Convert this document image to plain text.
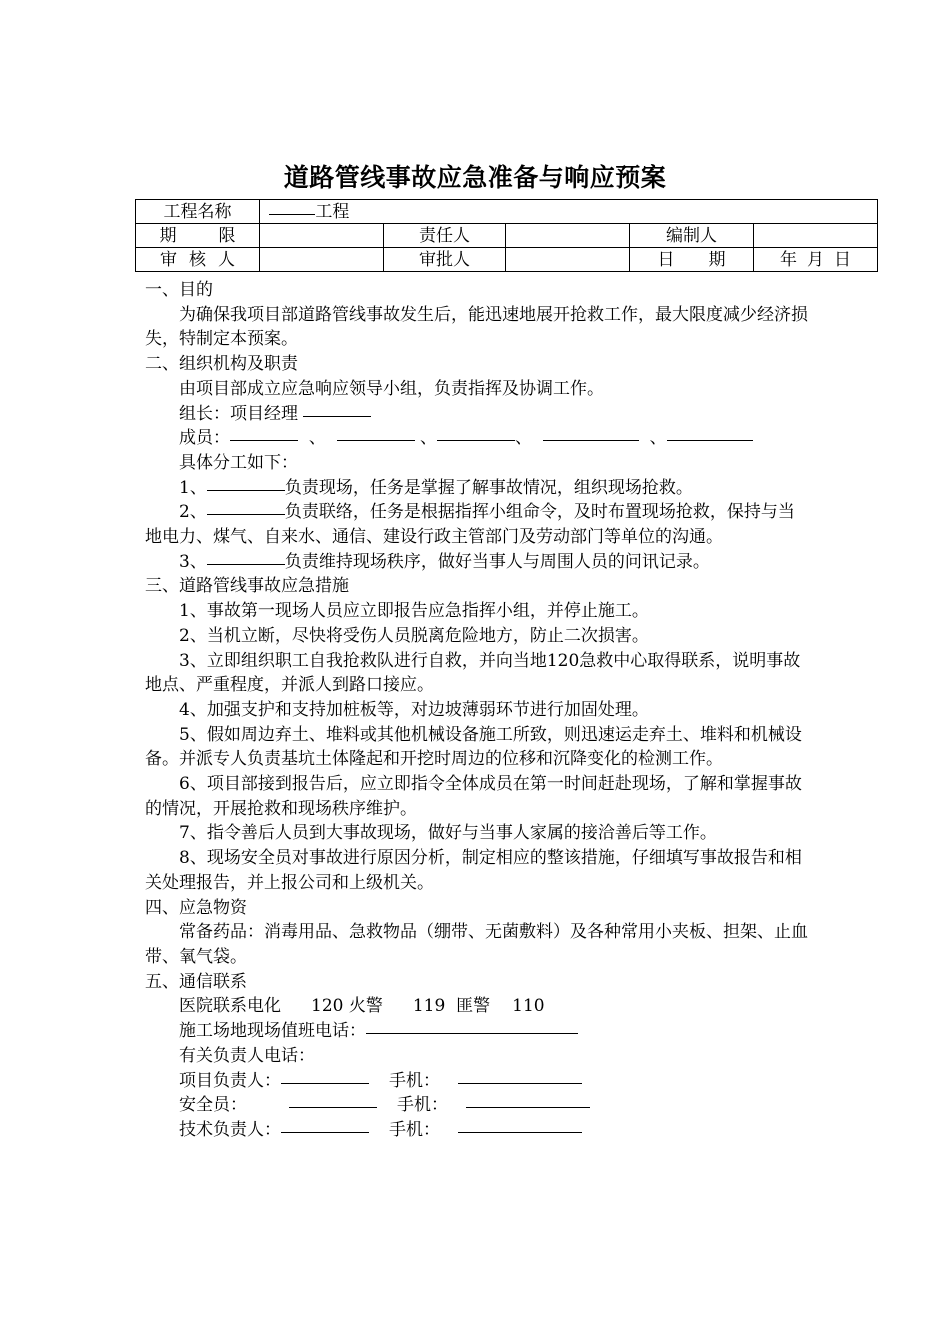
道路管线事故应急准备与响应预案
工程名称	工程				
期 限		责任人		编制人	
审 核 人		审批人		日 期	年 月 日

一、目的

为确保我项目部道路管线事故发生后，能迅速地展开抢救工作，最大限度减少经济损失，特制定本预案。

二、组织机构及职责

由项目部成立应急响应领导小组，负责指挥及协调工作。

组长：项目经理

成员：	、	、	、	、

具体分工如下：

1、	负责现场，任务是掌握了解事故情况，组织现场抢救。

2、	负责联络，任务是根据指挥小组命令，及时布置现场抢救，保持与当地电力、煤气、自来水、通信、建设行政主管部门及劳动部门等单位的沟通。

3、	负责维持现场秩序，做好当事人与周围人员的问讯记录。

三、道路管线事故应急措施

1、事故第一现场人员应立即报告应急指挥小组，并停止施工。

2、当机立断，尽快将受伤人员脱离危险地方，防止二次损害。

3、立即组织职工自我抢救队进行自救，并向当地120急救中心取得联系，说明事故地点、严重程度，并派人到路口接应。

4、加强支护和支持加桩板等，对边坡薄弱环节进行加固处理。

5、假如周边弃土、堆料或其他机械设备施工所致，则迅速运走弃土、堆料和机械设备。并派专人负责基坑土体隆起和开挖时周边的位移和沉降变化的检测工作。

6、项目部接到报告后，应立即指令全体成员在第一时间赶赴现场，了解和掌握事故的情况，开展抢救和现场秩序维护。

7、指令善后人员到大事故现场，做好与当事人家属的接洽善后等工作。

8、现场安全员对事故进行原因分析，制定相应的整该措施，仔细填写事故报告和相关处理报告，并上报公司和上级机关。

四、应急物资

常备药品：消毒用品、急救物品（绷带、无菌敷料）及各种常用小夹板、担架、止血带、氧气袋。

五、通信联系

医院联系电化 120 火警 119 匪警 110

施工场地现场值班电话：

有关负责人电话：

项目负责人：	手机：

安全员：	手机：

技术负责人：	手机：
